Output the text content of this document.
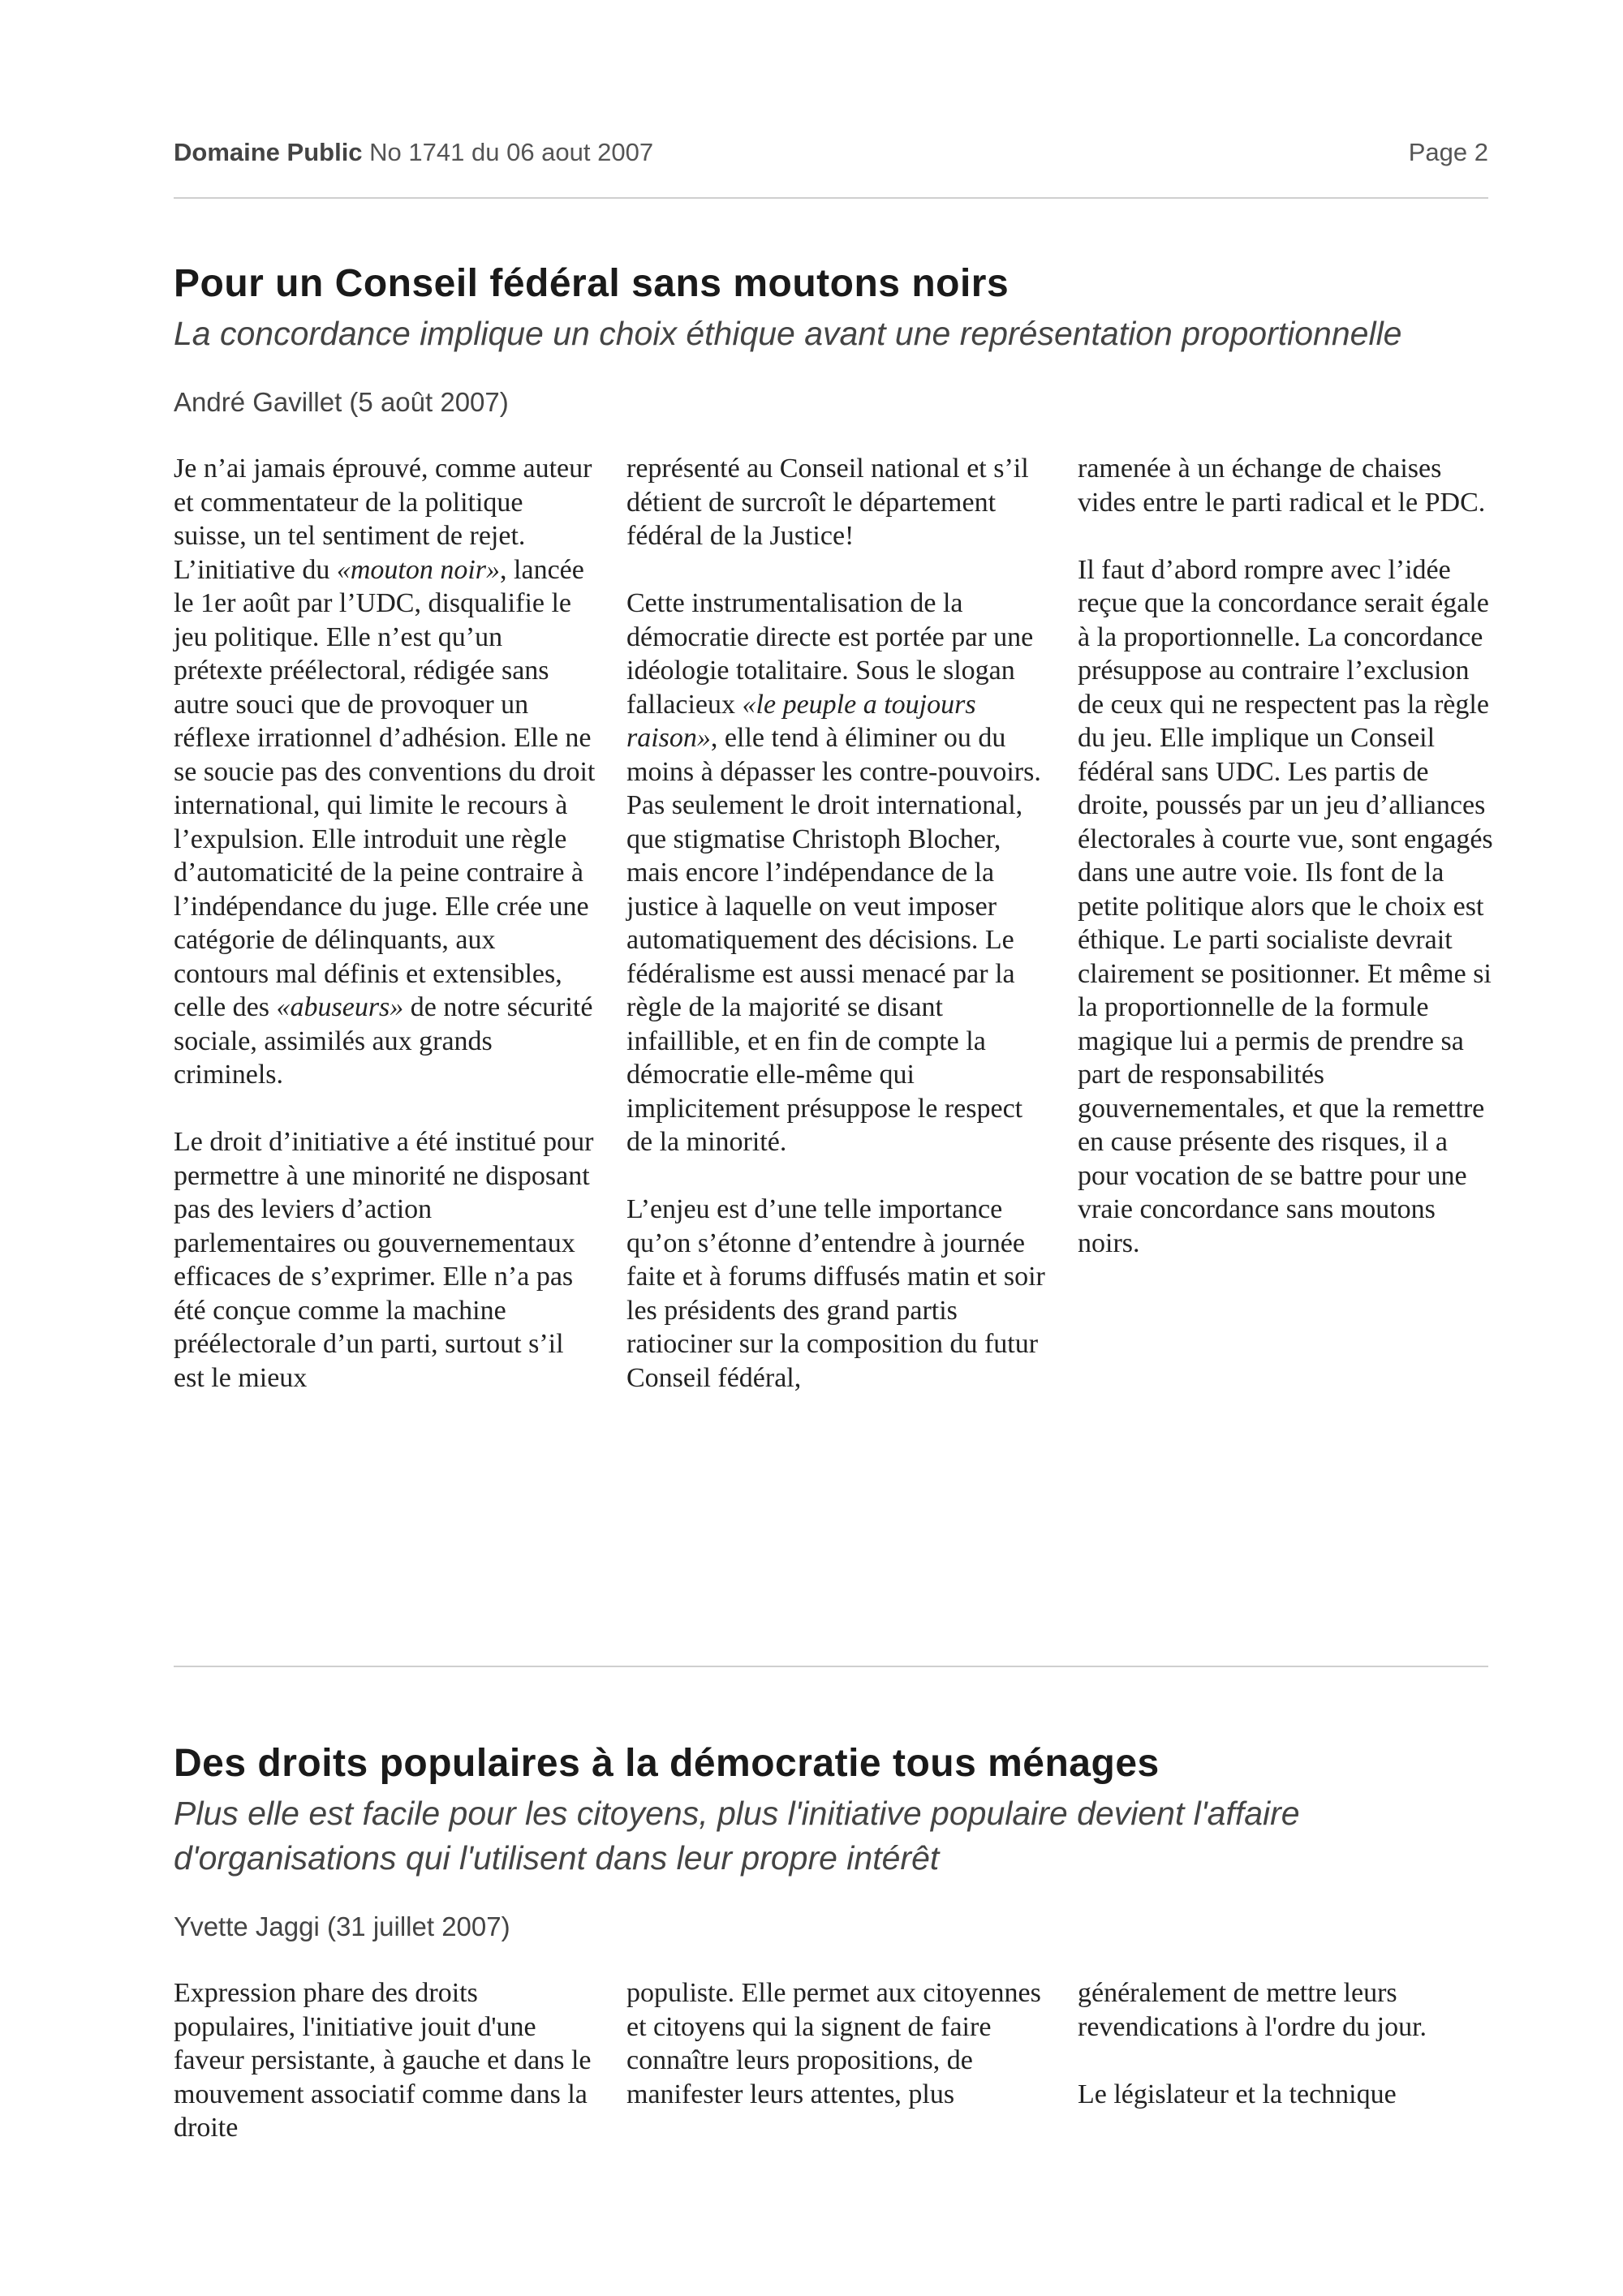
Domaine Public No 1741 du 06 aout 2007	Page 2
Pour un Conseil fédéral sans moutons noirs
La concordance implique un choix éthique avant une représentation proportionnelle
André Gavillet (5 août 2007)

Je n’ai jamais éprouvé, comme auteur et commentateur de la politique suisse, un tel sentiment de rejet. L’initiative du «mouton noir», lancée le 1er août par l’UDC, disqualifie le jeu politique. Elle n’est qu’un prétexte préélectoral, rédigée sans autre souci que de provoquer un réflexe irrationnel d’adhésion. Elle ne se soucie pas des conventions du droit international, qui limite le recours à l’expulsion. Elle introduit une règle d’automaticité de la peine contraire à l’indépendance du juge. Elle crée une catégorie de délinquants, aux contours mal définis et extensibles, celle des «abuseurs» de notre sécurité sociale, assimilés aux grands criminels.

Le droit d’initiative a été institué pour permettre à une minorité ne disposant pas des leviers d’action parlementaires ou gouvernementaux efficaces de s’exprimer. Elle n’a pas été conçue comme la machine préélectorale d’un parti, surtout s’il est le mieux

représenté au Conseil national et s’il détient de surcroît le département fédéral de la Justice!

Cette instrumentalisation de la démocratie directe est portée par une idéologie totalitaire. Sous le slogan fallacieux «le peuple a toujours raison», elle tend à éliminer ou du moins à dépasser les contre-pouvoirs. Pas seulement le droit international, que stigmatise Christoph Blocher, mais encore l’indépendance de la justice à laquelle on veut imposer automatiquement des décisions. Le fédéralisme est aussi menacé par la règle de la majorité se disant infaillible, et en fin de compte la démocratie elle-même qui implicitement présuppose le respect de la minorité.

L’enjeu est d’une telle importance qu’on s’étonne d’entendre à journée faite et à forums diffusés matin et soir les présidents des grand partis ratiociner sur la composition du futur Conseil fédéral,

ramenée à un échange de chaises vides entre le parti radical et le PDC.

Il faut d’abord rompre avec l’idée reçue que la concordance serait égale à la proportionnelle. La concordance présuppose au contraire l’exclusion de ceux qui ne respectent pas la règle du jeu. Elle implique un Conseil fédéral sans UDC. Les partis de droite, poussés par un jeu d’alliances électorales à courte vue, sont engagés dans une autre voie. Ils font de la petite politique alors que le choix est éthique. Le parti socialiste devrait clairement se positionner. Et même si la proportionnelle de la formule magique lui a permis de prendre sa part de responsabilités gouvernementales, et que la remettre en cause présente des risques, il a pour vocation de se battre pour une vraie concordance sans moutons noirs.

Des droits populaires à la démocratie tous ménages
Plus elle est facile pour les citoyens, plus l'initiative populaire devient l'affaire d'organisations qui l'utilisent dans leur propre intérêt
Yvette Jaggi (31 juillet 2007)

Expression phare des droits populaires, l'initiative jouit d'une faveur persistante, à gauche et dans le mouvement associatif comme dans la droite

populiste. Elle permet aux citoyennes et citoyens qui la signent de faire connaître leurs propositions, de manifester leurs attentes, plus

généralement de mettre leurs revendications à l'ordre du jour.

Le législateur et la technique
